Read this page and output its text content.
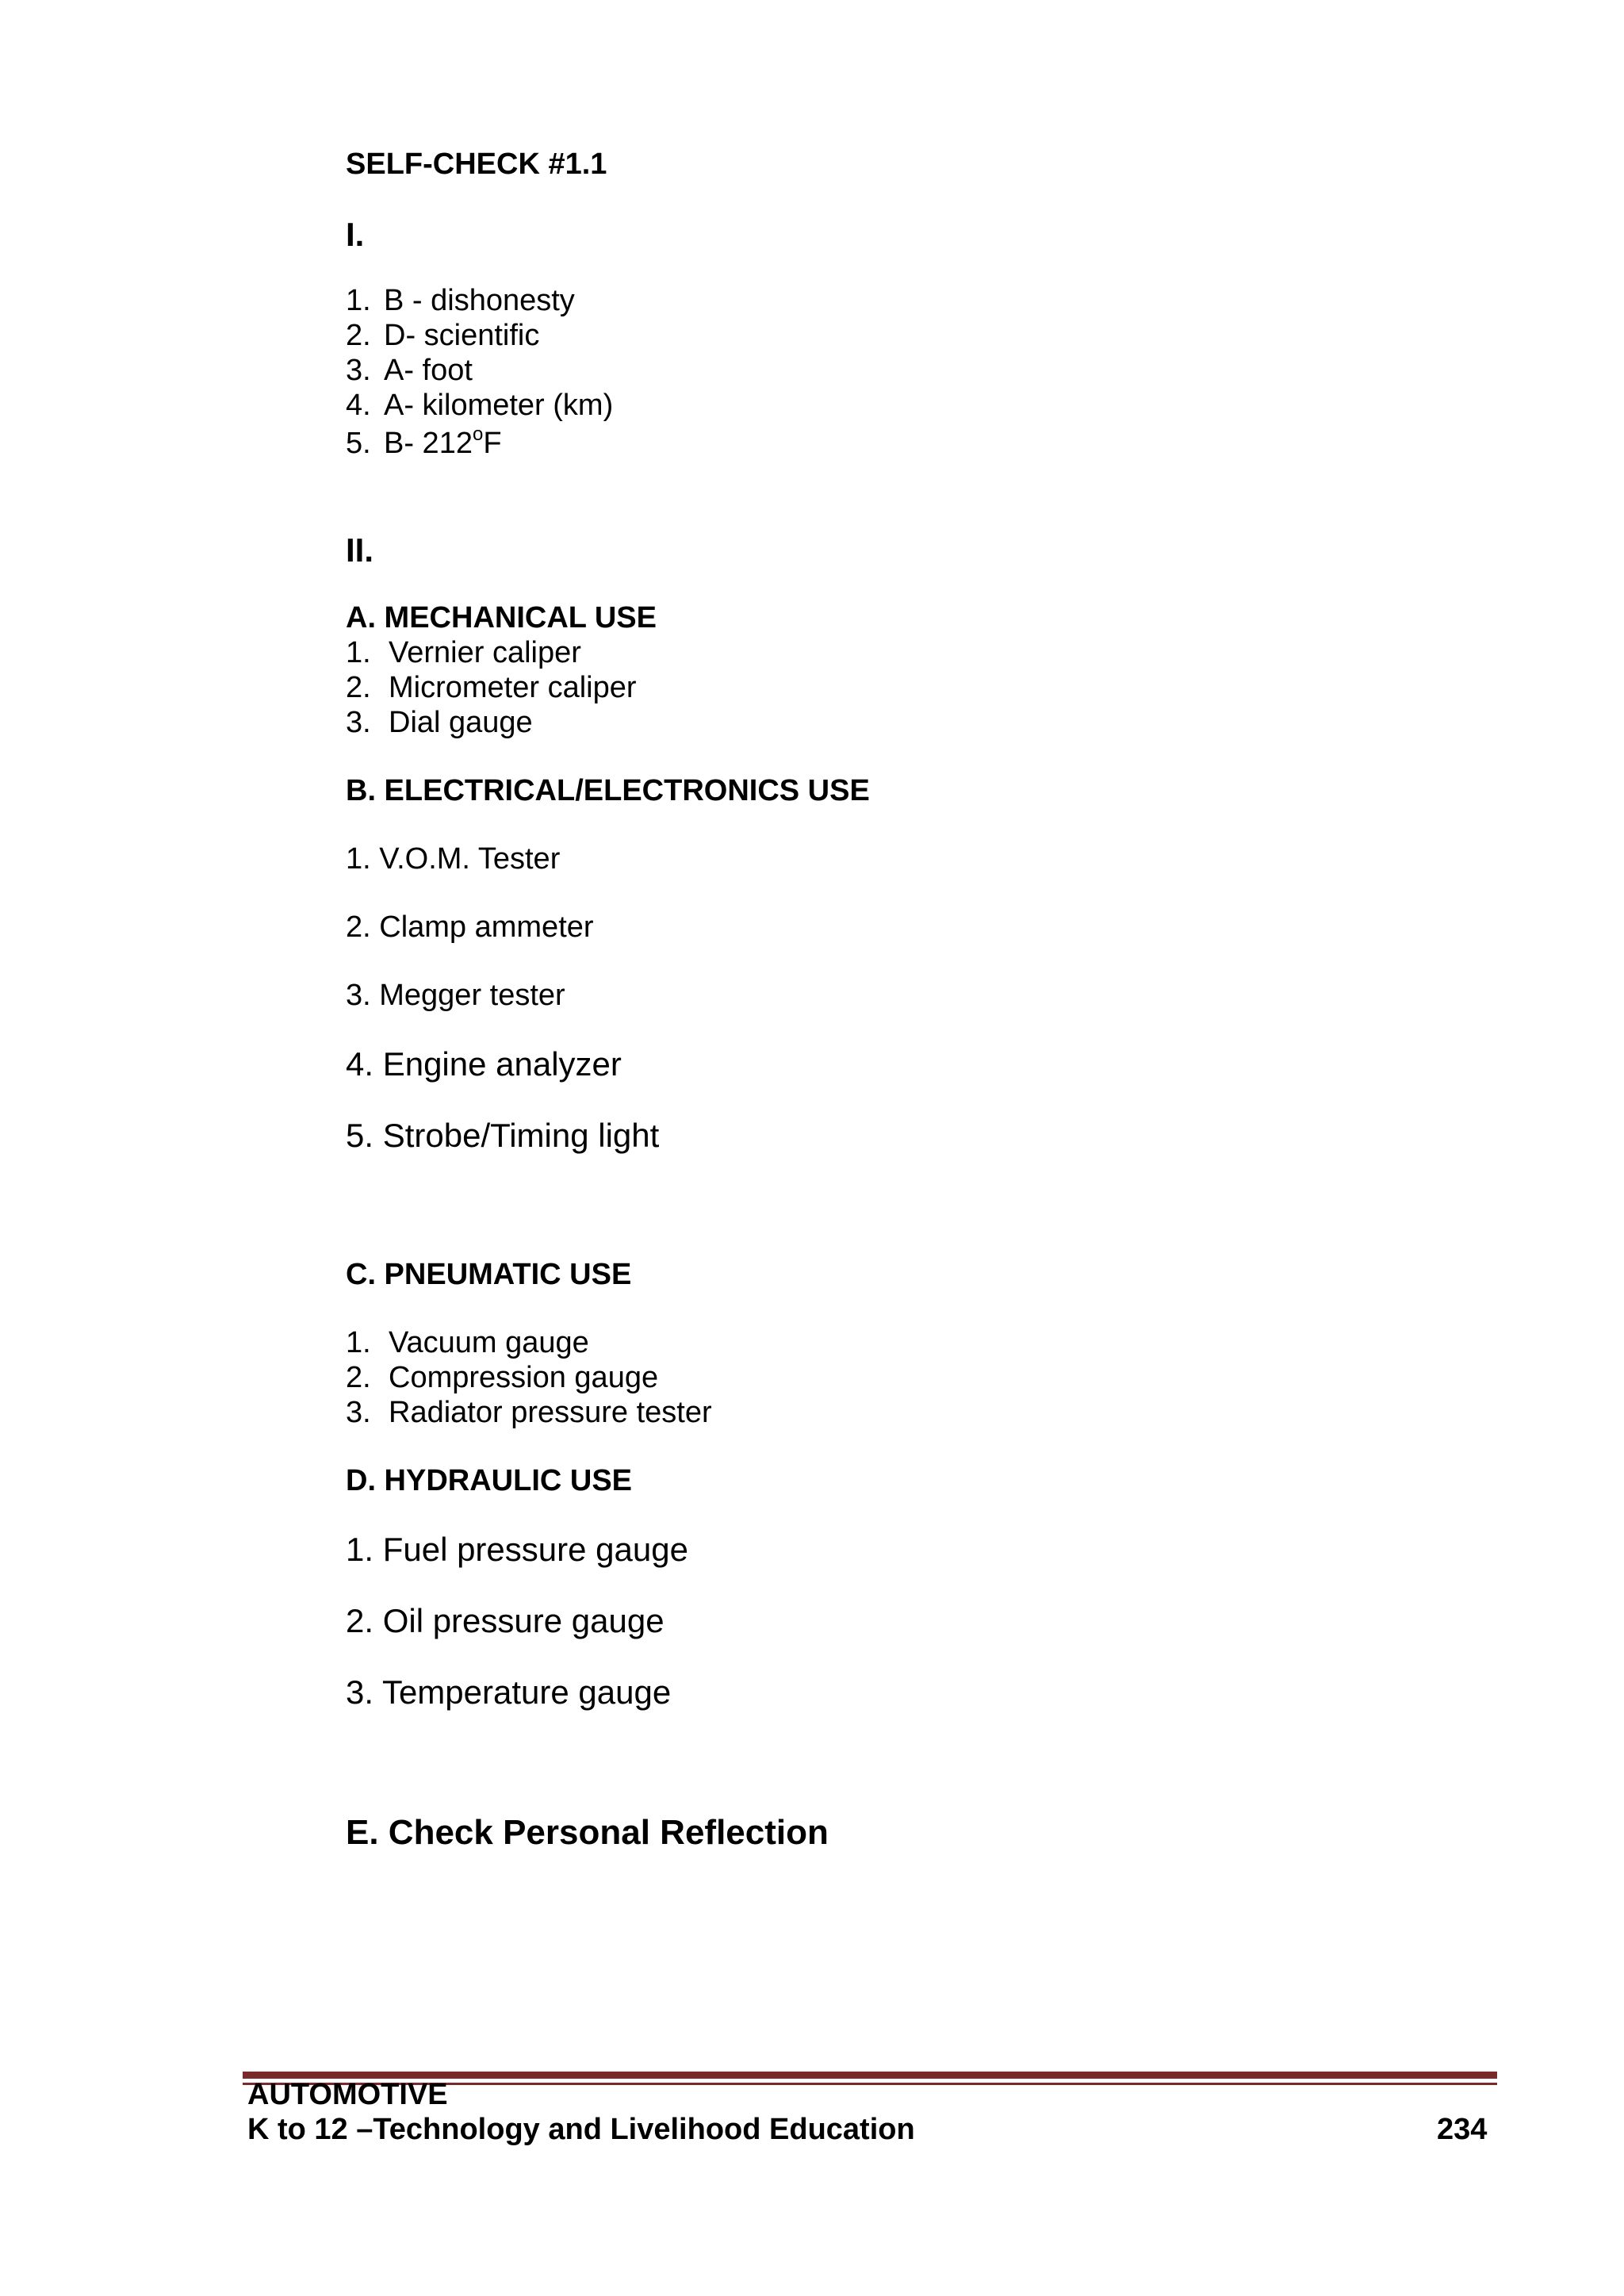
SELF-CHECK #1.1
I.
1. B - dishonesty
2. D- scientific
3. A- foot
4. A- kilometer (km)
5. B- 212$^o$F
II.
A. MECHANICAL USE
1. Vernier caliper
2. Micrometer caliper
3. Dial gauge
B. ELECTRICAL/ELECTRONICS USE
1. V.O.M. Tester
2. Clamp ammeter
3. Megger tester
4. Engine analyzer
5. Strobe/Timing light
C. PNEUMATIC USE
1. Vacuum gauge
2. Compression gauge
3. Radiator pressure tester
D. HYDRAULIC USE
1. Fuel pressure gauge
2. Oil pressure gauge
3. Temperature gauge
E. Check Personal Reflection
AUTOMOTIVE
K to 12 –Technology and Livelihood Education	234
